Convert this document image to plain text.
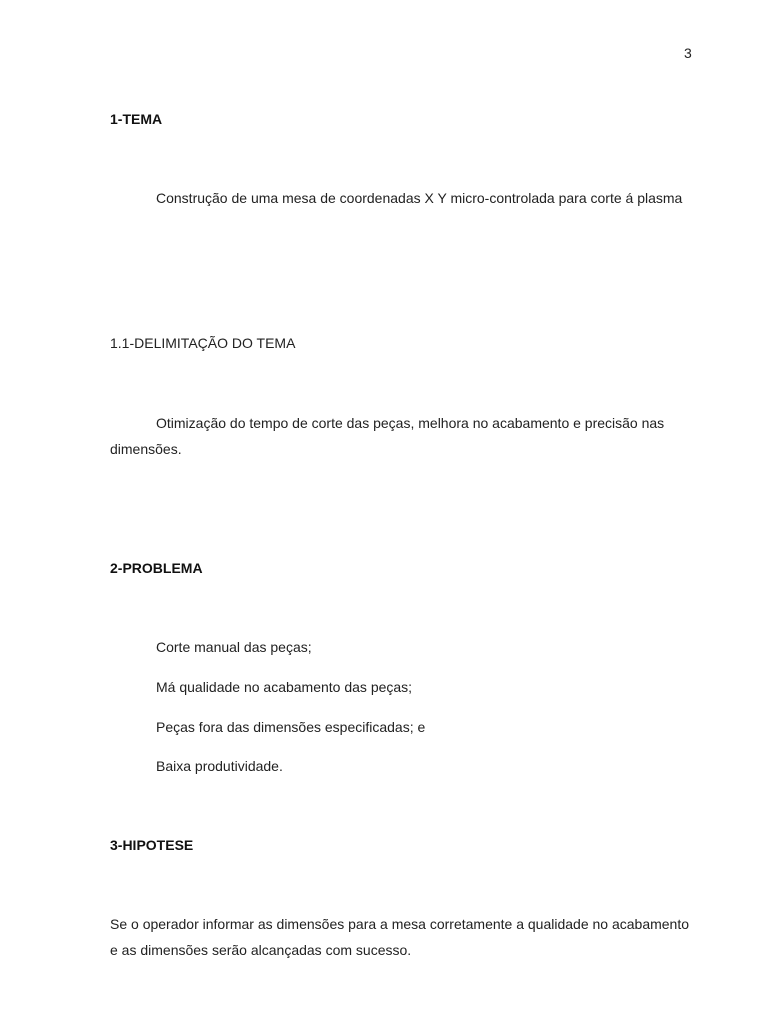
3
1-TEMA
Construção de uma mesa de coordenadas X Y micro-controlada para corte á plasma
1.1-DELIMITAÇÃO DO TEMA
Otimização do tempo de corte das peças, melhora no acabamento e precisão nas dimensões.
2-PROBLEMA
Corte manual das peças;
Má qualidade no acabamento das peças;
Peças fora das dimensões especificadas; e
Baixa produtividade.
3-HIPOTESE
Se o operador informar as dimensões para a mesa corretamente a qualidade no acabamento e as dimensões serão alcançadas com sucesso.
